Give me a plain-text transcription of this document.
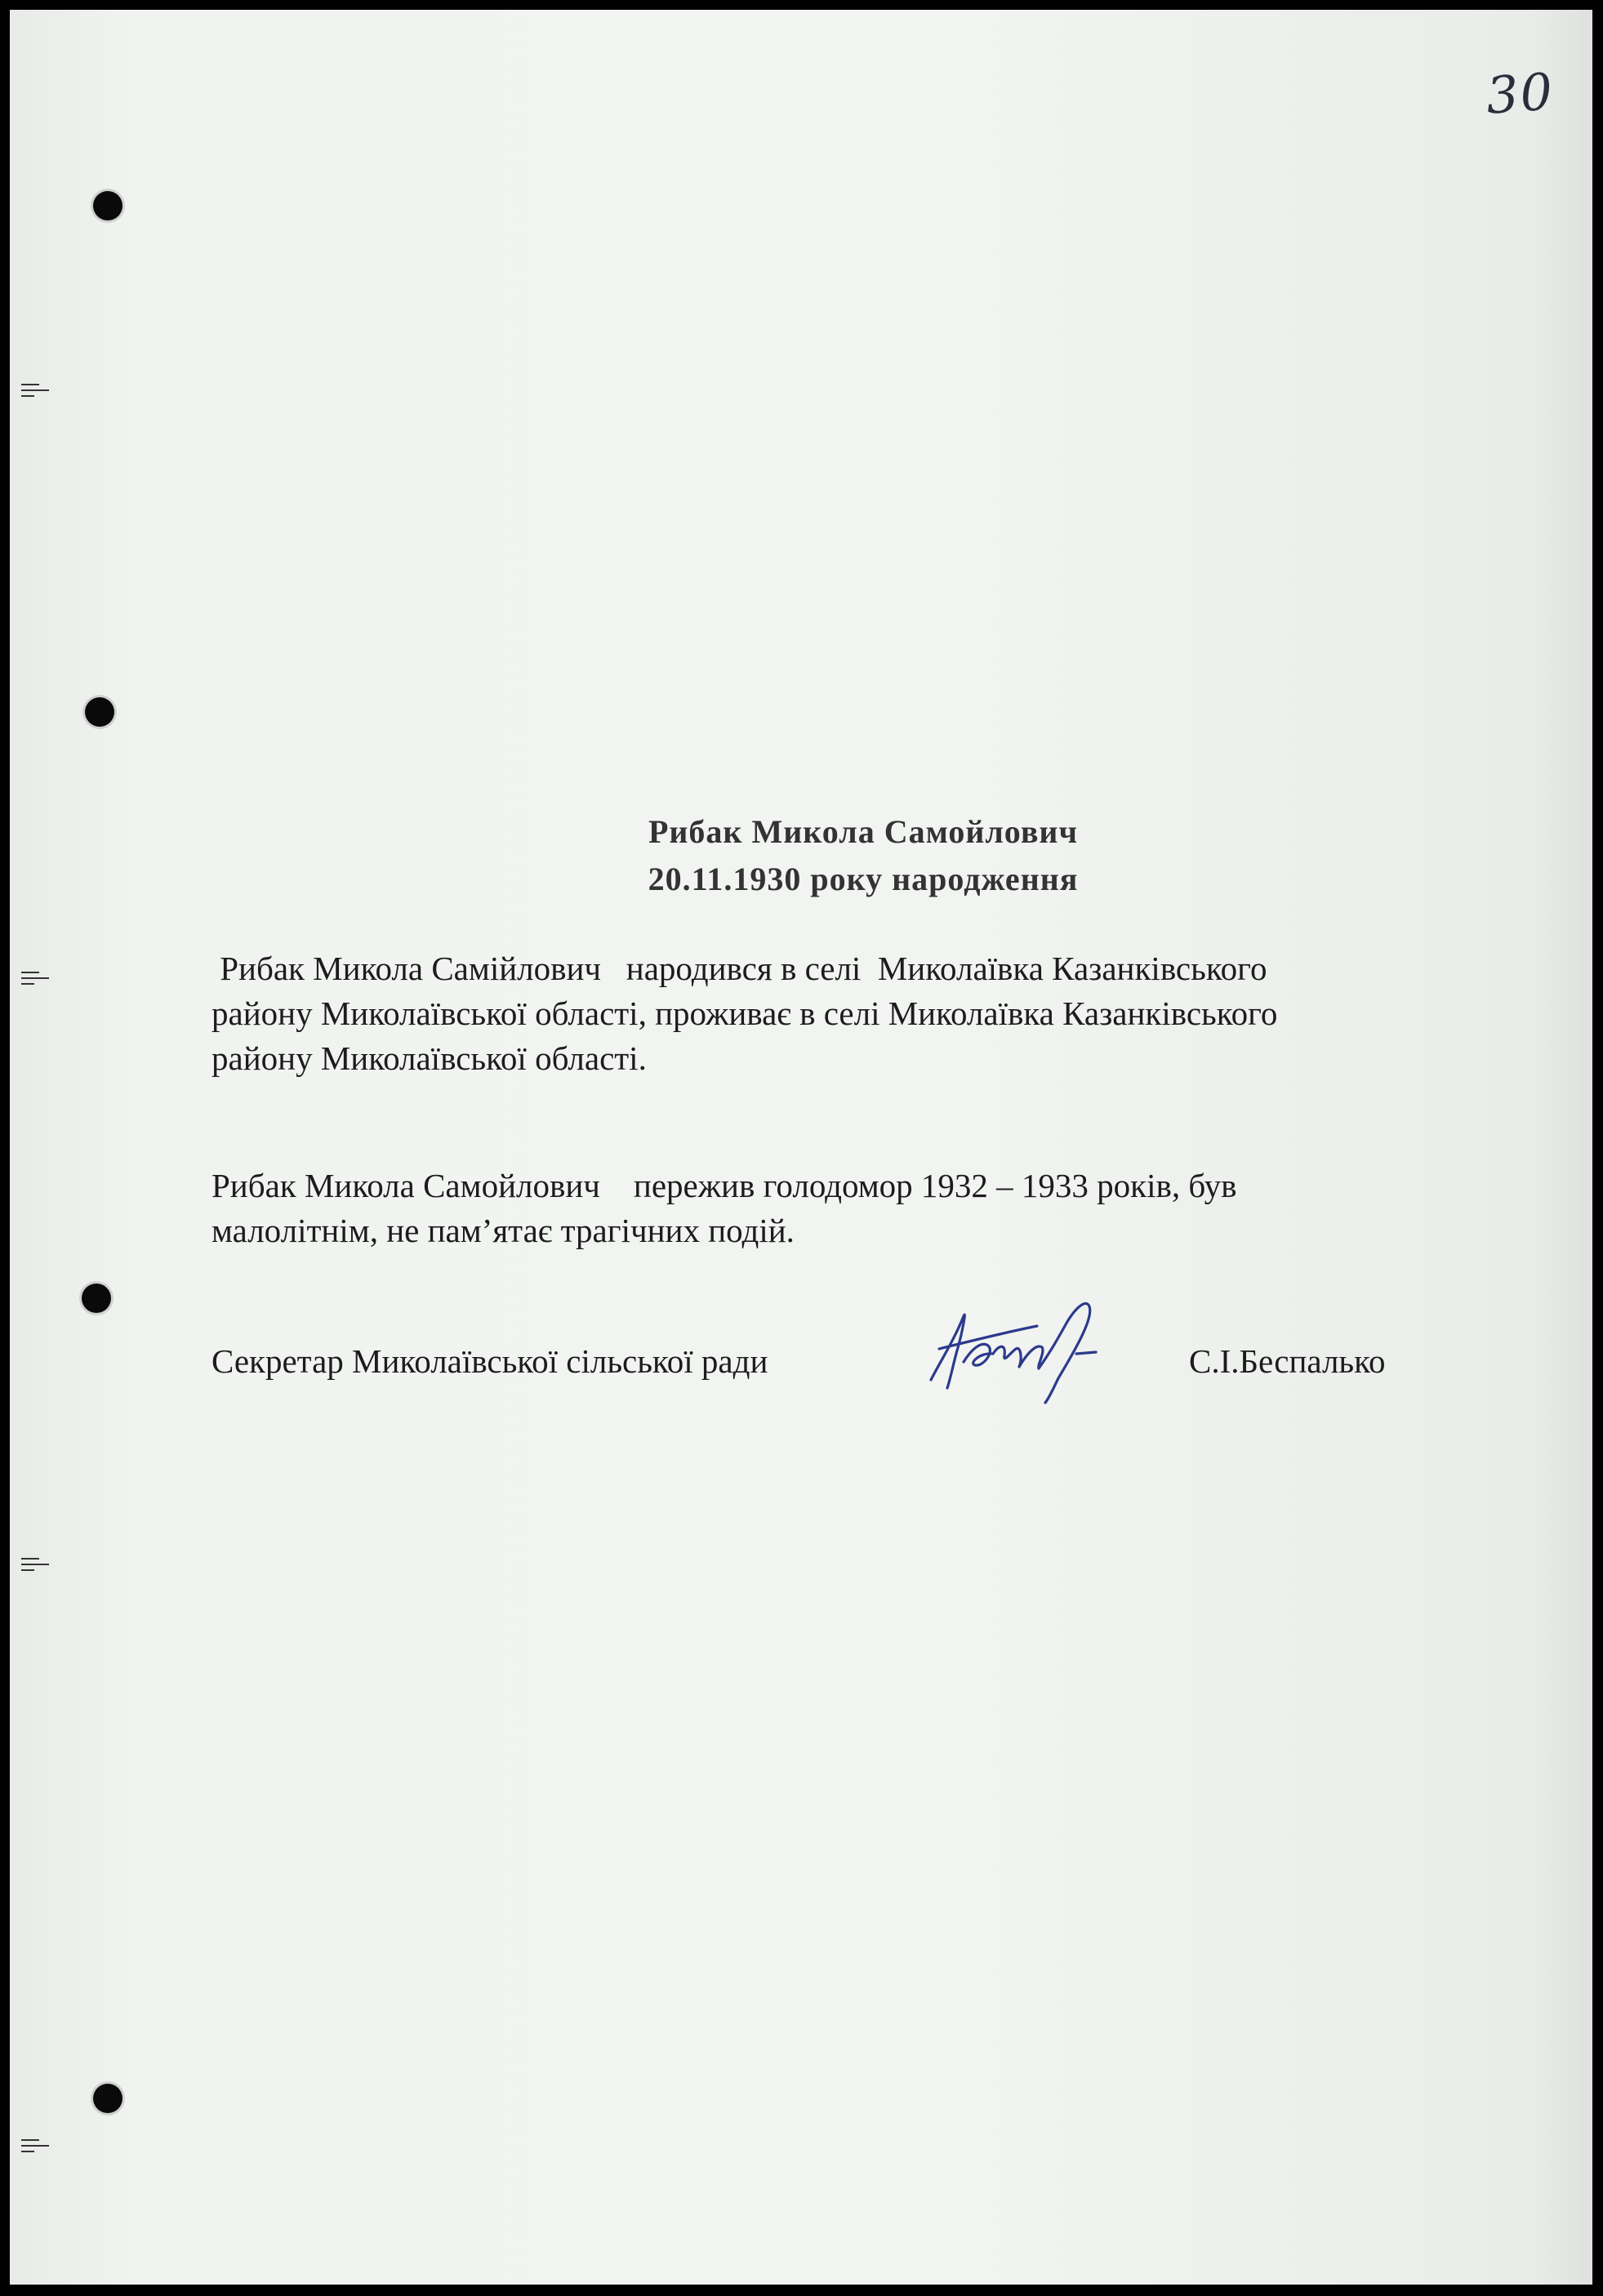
30
Рибак Микола Самойлович
20.11.1930 року народження
Рибак Микола Самійлович   народився в селі  Миколаївка Казанківського
району Миколаївської області, проживає в селі Миколаївка Казанківського
району Миколаївської області.
Рибак Микола Самойлович    пережив голодомор 1932 – 1933 років, був
малолітнім, не пам’ятає трагічних подій.
Секретар Миколаївської сільської ради	С.І.Беспалько
